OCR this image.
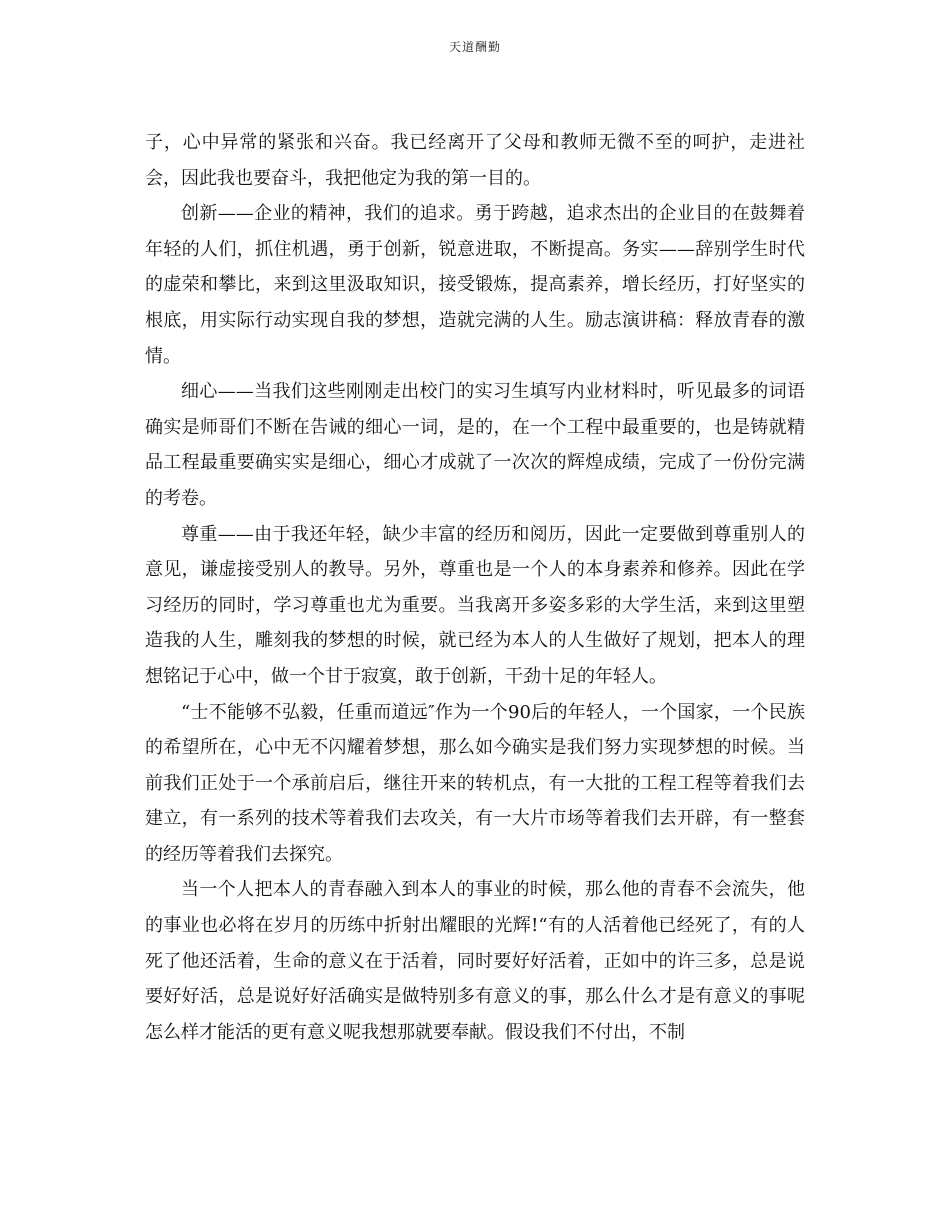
天道酬勤

子，心中异常的紧张和兴奋。我已经离开了父母和教师无微不至的呵护，走进社会，因此我也要奋斗，我把他定为我的第一目的。

创新——企业的精神，我们的追求。勇于跨越，追求杰出的企业目的在鼓舞着年轻的人们，抓住机遇，勇于创新，锐意进取，不断提高。务实——辞别学生时代的虚荣和攀比，来到这里汲取知识，接受锻炼，提高素养，增长经历，打好坚实的根底，用实际行动实现自我的梦想，造就完满的人生。励志演讲稿：释放青春的激情。

细心——当我们这些刚刚走出校门的实习生填写内业材料时，听见最多的词语确实是师哥们不断在告诫的细心一词，是的，在一个工程中最重要的，也是铸就精品工程最重要确实实是细心，细心才成就了一次次的辉煌成绩，完成了一份份完满的考卷。

尊重——由于我还年轻，缺少丰富的经历和阅历，因此一定要做到尊重别人的意见，谦虚接受别人的教导。另外，尊重也是一个人的本身素养和修养。因此在学习经历的同时，学习尊重也尤为重要。当我离开多姿多彩的大学生活，来到这里塑造我的人生，雕刻我的梦想的时候，就已经为本人的人生做好了规划，把本人的理想铭记于心中，做一个甘于寂寞，敢于创新，干劲十足的年轻人。

“士不能够不弘毅，任重而道远″作为一个90后的年轻人，一个国家，一个民族的希望所在，心中无不闪耀着梦想，那么如今确实是我们努力实现梦想的时候。当前我们正处于一个承前启后，继往开来的转机点，有一大批的工程工程等着我们去建立，有一系列的技术等着我们去攻关，有一大片市场等着我们去开辟，有一整套的经历等着我们去探究。

当一个人把本人的青春融入到本人的事业的时候，那么他的青春不会流失，他的事业也必将在岁月的历练中折射出耀眼的光辉!“有的人活着他已经死了，有的人死了他还活着，生命的意义在于活着，同时要好好活着，正如中的许三多，总是说要好好活，总是说好好活确实是做特别多有意义的事，那么什么才是有意义的事呢怎么样才能活的更有意义呢我想那就要奉献。假设我们不付出，不制
